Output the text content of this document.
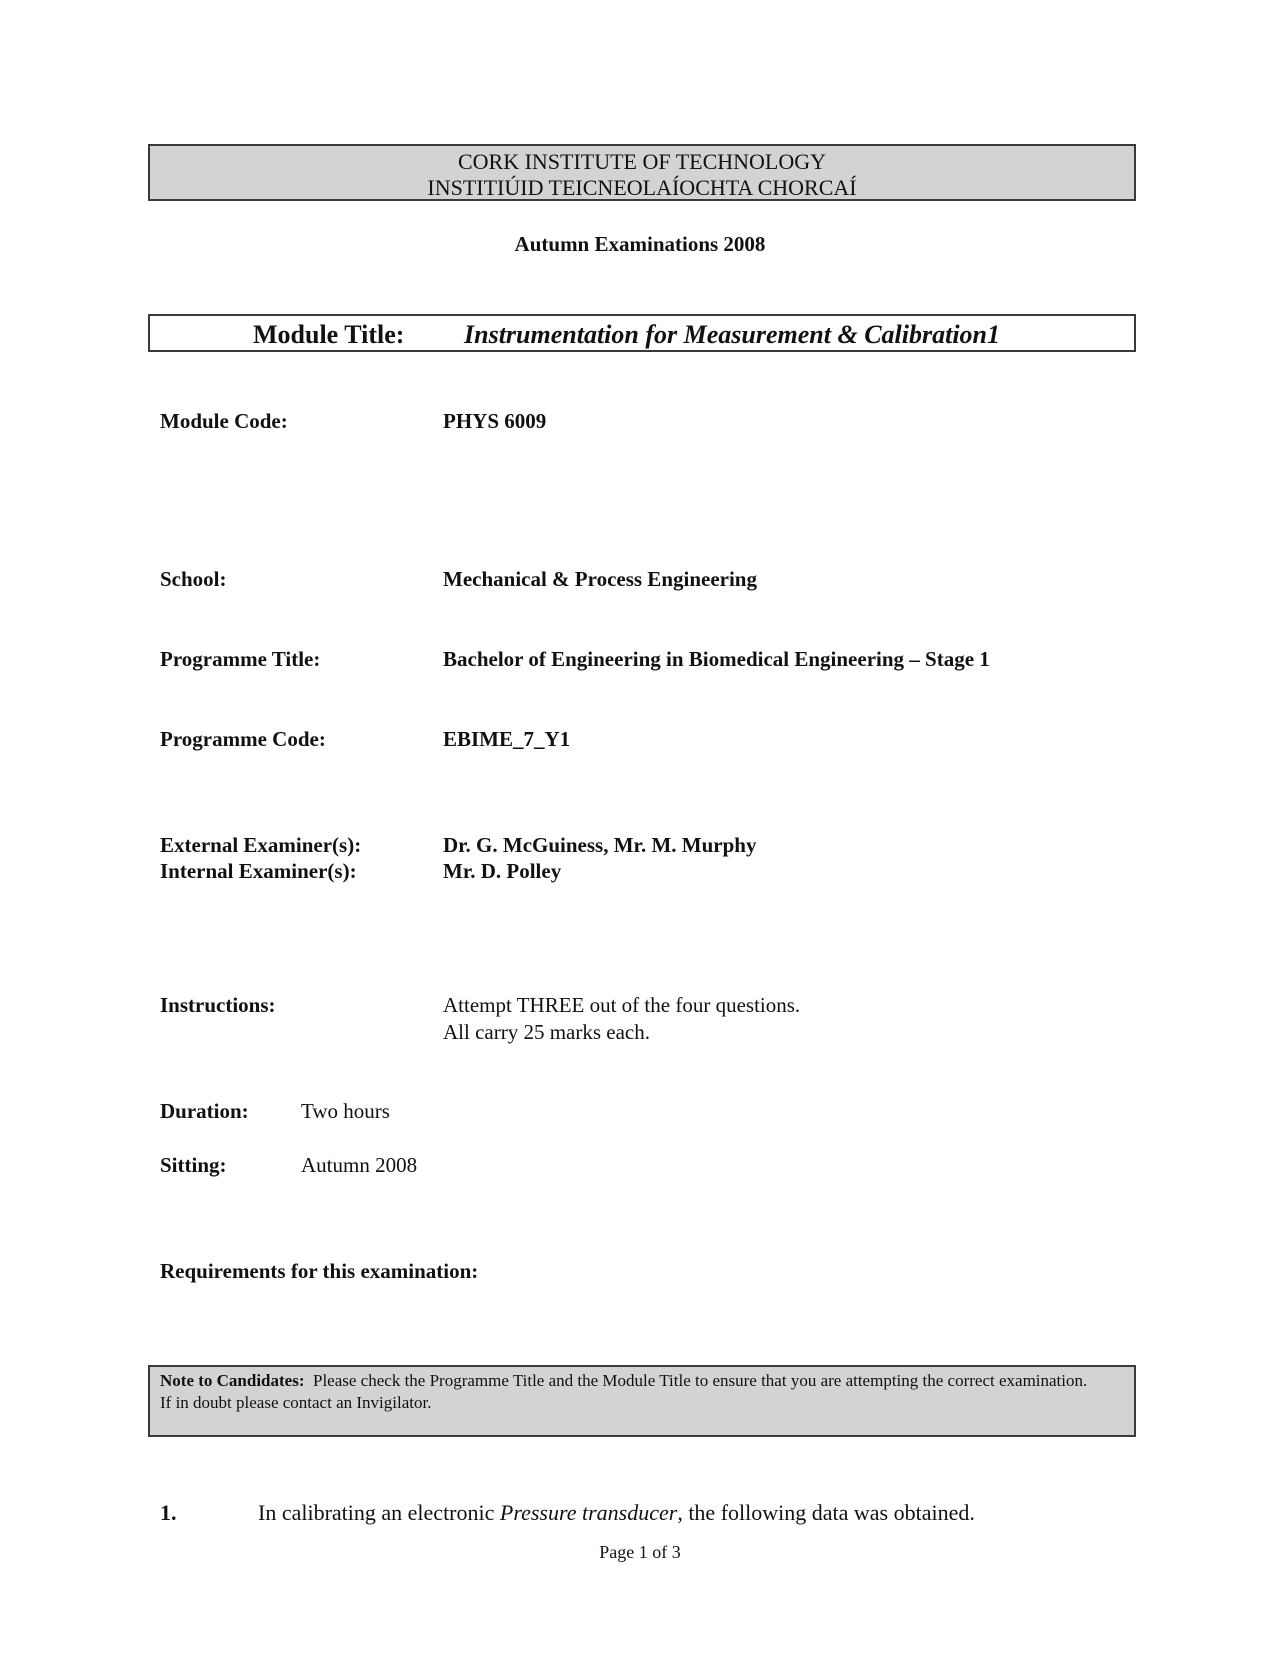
CORK INSTITUTE OF TECHNOLOGY
INSTITIÚID TEICNEOLAÍOCHTA CHORCAÍ
Autumn Examinations 2008
Module Title: Instrumentation for Measurement & Calibration1
Module Code:	PHYS 6009
School:	Mechanical & Process Engineering
Programme Title:	Bachelor of Engineering in Biomedical Engineering – Stage 1
Programme Code:	EBIME_7_Y1
External Examiner(s):	Dr. G. McGuiness, Mr. M. Murphy
Internal Examiner(s):	Mr. D. Polley
Instructions:	Attempt THREE out of the four questions.
All carry 25 marks each.
Duration: Two hours
Sitting:	Autumn 2008
Requirements for this examination:
Note to Candidates: Please check the Programme Title and the Module Title to ensure that you are attempting the correct examination.
If in doubt please contact an Invigilator.
1.	In calibrating an electronic Pressure transducer, the following data was obtained.
Page 1 of 3
